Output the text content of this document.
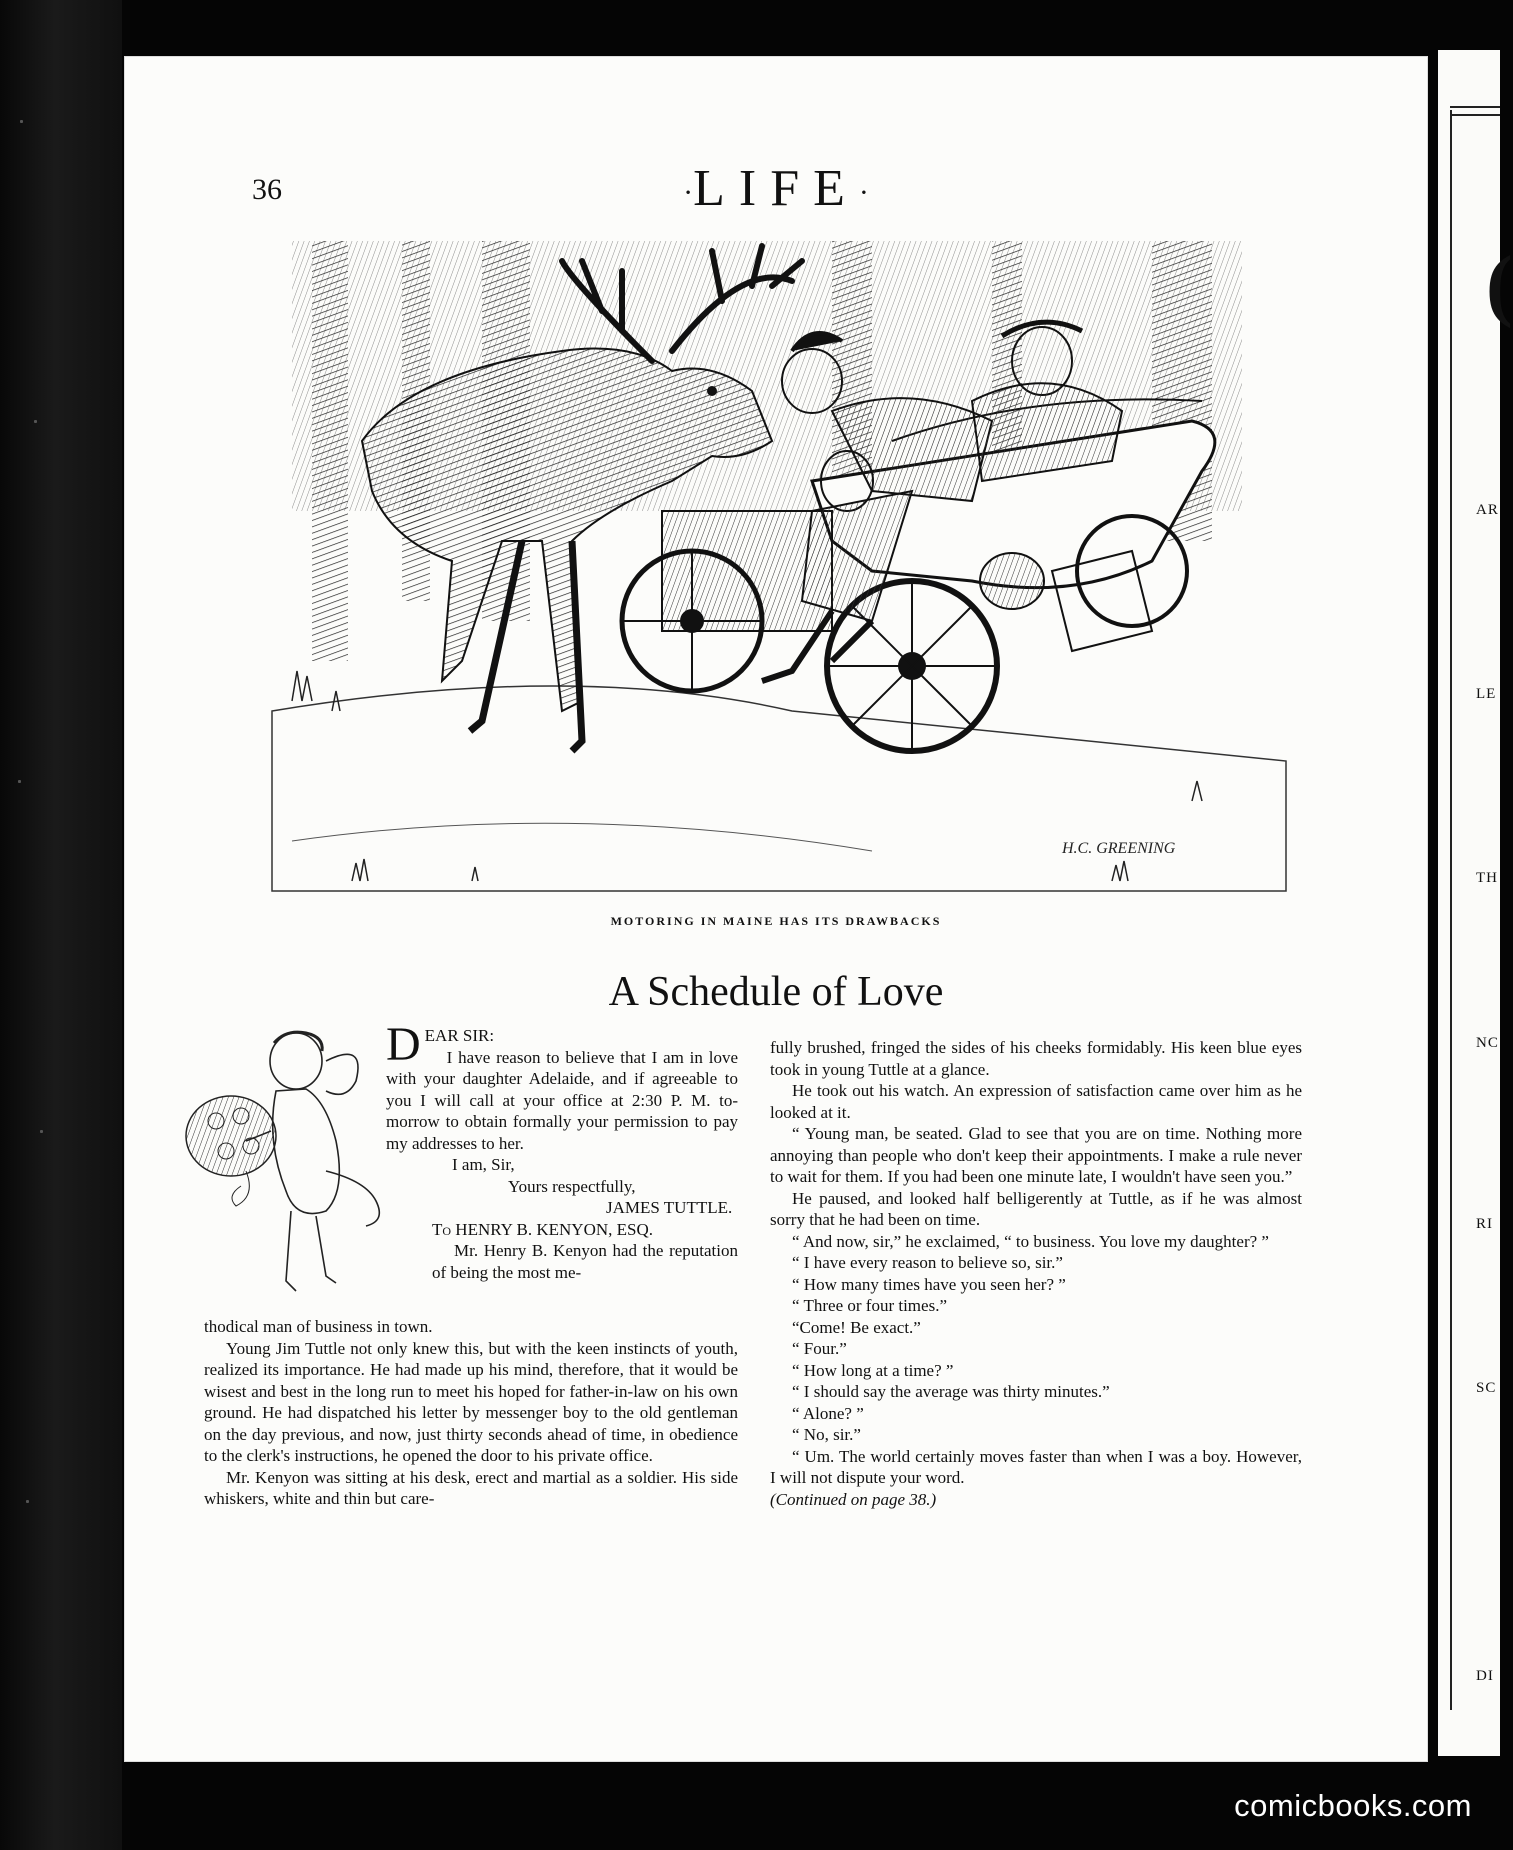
(
AR
LE
TH
NC
RI
SC
DI
36	·LIFE·
H.C. GREENING
MOTORING IN MAINE HAS ITS DRAWBACKS
A Schedule of Love

DEAR SIR:

I have reason to believe that I am in love with your daughter Adelaide, and if agreeable to you I will call at your office at 2:30 P. M. to-morrow to obtain formally your permission to pay my addresses to her.

I am, Sir,

Yours respectfully,

JAMES TUTTLE.

To HENRY B. KENYON, ESQ.

Mr. Henry B. Kenyon had the reputation of being the most me-

thodical man of business in town.

Young Jim Tuttle not only knew this, but with the keen instincts of youth, realized its importance. He had made up his mind, therefore, that it would be wisest and best in the long run to meet his hoped for father-in-law on his own ground. He had dispatched his letter by messenger boy to the old gentleman on the day previous, and now, just thirty seconds ahead of time, in obedience to the clerk's instructions, he opened the door to his private office.

Mr. Kenyon was sitting at his desk, erect and martial as a soldier. His side whiskers, white and thin but care-

fully brushed, fringed the sides of his cheeks formidably. His keen blue eyes took in young Tuttle at a glance.

He took out his watch. An expression of satisfaction came over him as he looked at it.

“ Young man, be seated. Glad to see that you are on time. Nothing more annoying than people who don't keep their appointments. I make a rule never to wait for them. If you had been one minute late, I wouldn't have seen you.”

He paused, and looked half belligerently at Tuttle, as if he was almost sorry that he had been on time.

“ And now, sir,” he exclaimed, “ to business. You love my daughter? ”

“ I have every reason to believe so, sir.”

“ How many times have you seen her? ”

“ Three or four times.”

“Come! Be exact.”

“ Four.”

“ How long at a time? ”

“ I should say the average was thirty minutes.”

“ Alone? ”

“ No, sir.”

“ Um. The world certainly moves faster than when I was a boy. However, I will not dispute your word.

(Continued on page 38.)

comicbooks.com
